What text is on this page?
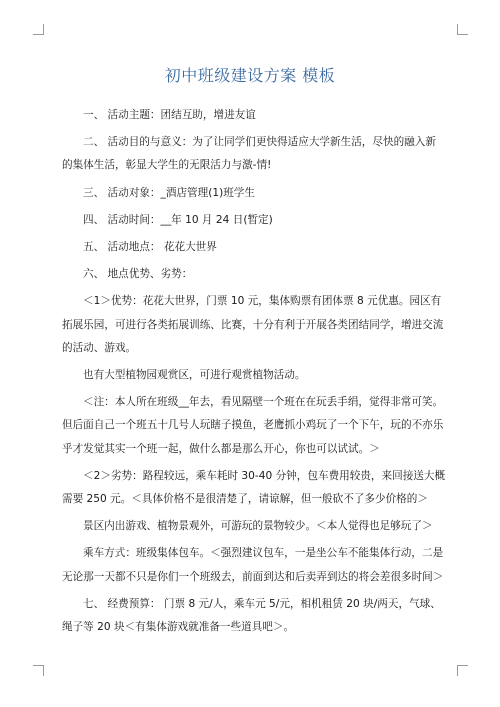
初中班级建设方案 模板

一、 活动主题：团结互助，增进友谊

二、 活动目的与意义：为了让同学们更快得适应大学新生活，尽快的融入新的集体生活，彰显大学生的无限活力与激-情!

三、 活动对象：_酒店管理(1)班学生

四、 活动时间：__年 10 月 24 日(暂定)

五、 活动地点： 花花大世界

六、 地点优势、劣势：

＜1＞优势：花花大世界，门票 10 元，集体购票有团体票 8 元优惠。园区有拓展乐园，可进行各类拓展训练、比赛，十分有利于开展各类团结同学，增进交流的活动、游戏。

也有大型植物园观赏区，可进行观赏植物活动。

＜注：本人所在班级__年去，看见隔壁一个班在在玩丢手绢，觉得非常可笑。但后面自己一个班五十几号人玩瞎子摸鱼，老鹰抓小鸡玩了一个下午，玩的不亦乐乎才发觉其实一个班一起，做什么都是那么开心，你也可以试试。＞

＜2＞劣势：路程较远，乘车耗时 30-40 分钟，包车费用较贵，来回接送大概需要 250 元。＜具体价格不是很清楚了，请谅解，但一般砍不了多少价格的＞

景区内出游戏、植物景观外，可游玩的景物较少。＜本人觉得也足够玩了＞

乘车方式：班级集体包车。＜强烈建议包车，一是坐公车不能集体行动，二是无论那一天都不只是你们一个班级去，前面到达和后卖弄到达的将会差很多时间＞

七、 经费预算： 门票 8 元/人，乘车元 5/元，相机租赁 20 块/两天，气球、绳子等 20 块＜有集体游戏就准备一些道具吧＞。
